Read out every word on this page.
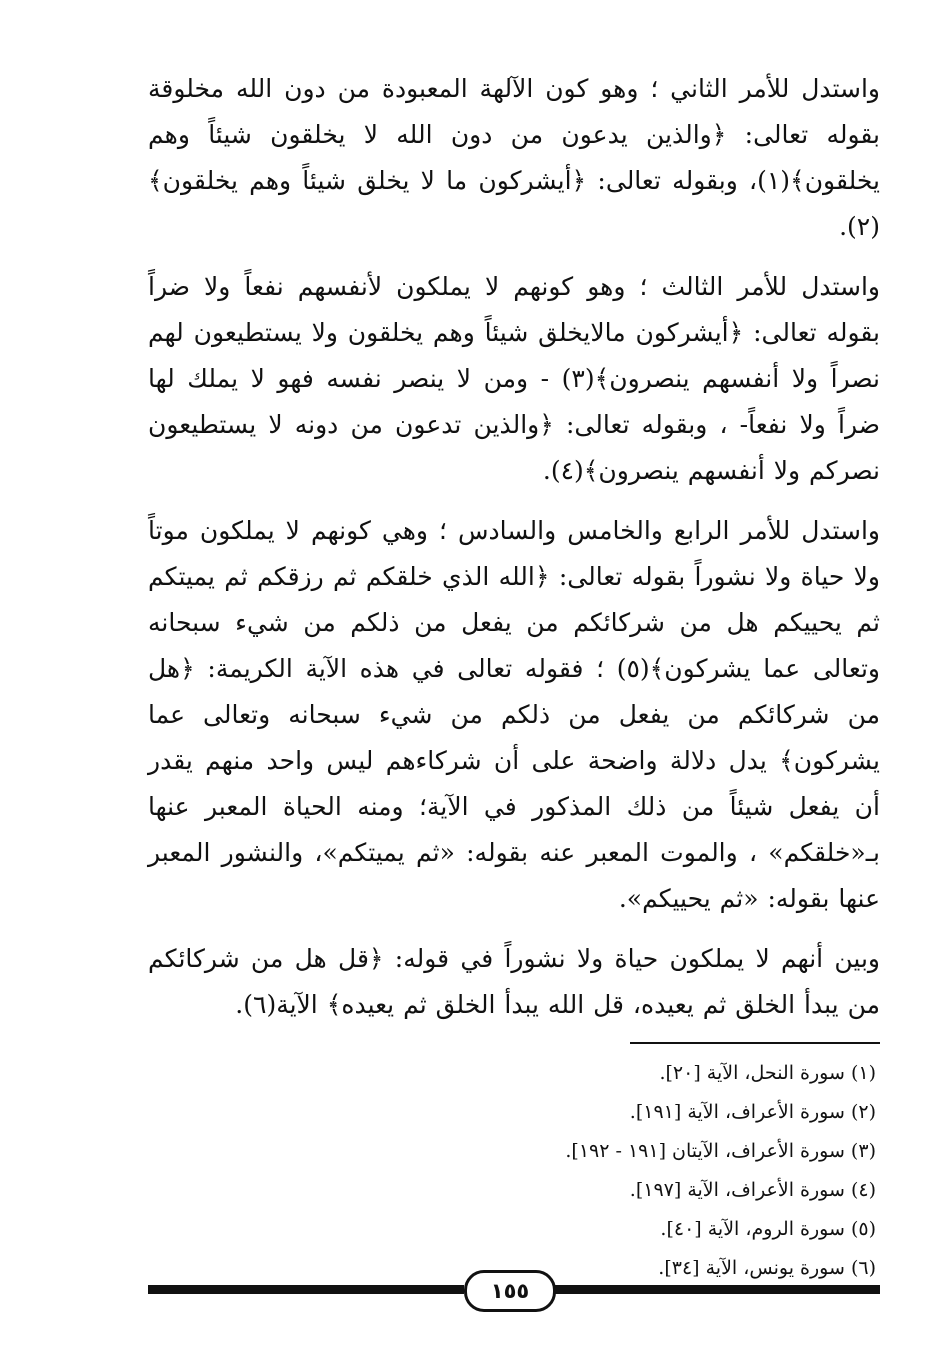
واستدل للأمر الثاني ؛ وهو كون الآلهة المعبودة من دون الله مخلوقة بقوله تعالى: ﴿والذين يدعون من دون الله لا يخلقون شيئاً وهم يخلقون﴾(١)، وبقوله تعالى: ﴿أيشركون ما لا يخلق شيئاً وهم يخلقون﴾(٢).

واستدل للأمر الثالث ؛ وهو كونهم لا يملكون لأنفسهم نفعاً ولا ضراً بقوله تعالى: ﴿أيشركون مالايخلق شيئاً وهم يخلقون ولا يستطيعون لهم نصراً ولا أنفسهم ينصرون﴾(٣) - ومن لا ينصر نفسه فهو لا يملك لها ضراً ولا نفعاً- ، وبقوله تعالى: ﴿والذين تدعون من دونه لا يستطيعون نصركم ولا أنفسهم ينصرون﴾(٤).

واستدل للأمر الرابع والخامس والسادس ؛ وهي كونهم لا يملكون موتاً ولا حياة ولا نشوراً بقوله تعالى: ﴿الله الذي خلقكم ثم رزقكم ثم يميتكم ثم يحييكم هل من شركائكم من يفعل من ذلكم من شيء سبحانه وتعالى عما يشركون﴾(٥) ؛ فقوله تعالى في هذه الآية الكريمة: ﴿هل من شركائكم من يفعل من ذلكم من شيء سبحانه وتعالى عما يشركون﴾ يدل دلالة واضحة على أن شركاءهم ليس واحد منهم يقدر أن يفعل شيئاً من ذلك المذكور في الآية؛ ومنه الحياة المعبر عنها بـ«خلقكم» ، والموت المعبر عنه بقوله: «ثم يميتكم»، والنشور المعبر عنها بقوله: «ثم يحييكم».

وبين أنهم لا يملكون حياة ولا نشوراً في قوله: ﴿قل هل من شركائكم من يبدأ الخلق ثم يعيده، قل الله يبدأ الخلق ثم يعيده﴾ الآية(٦).

(١) سورة النحل، الآية [٢٠].

(٢) سورة الأعراف، الآية [١٩١].

(٣) سورة الأعراف، الآيتان [١٩١ - ١٩٢].

(٤) سورة الأعراف، الآية [١٩٧].

(٥) سورة الروم، الآية [٤٠].

(٦) سورة يونس، الآية [٣٤].

١٥٥
